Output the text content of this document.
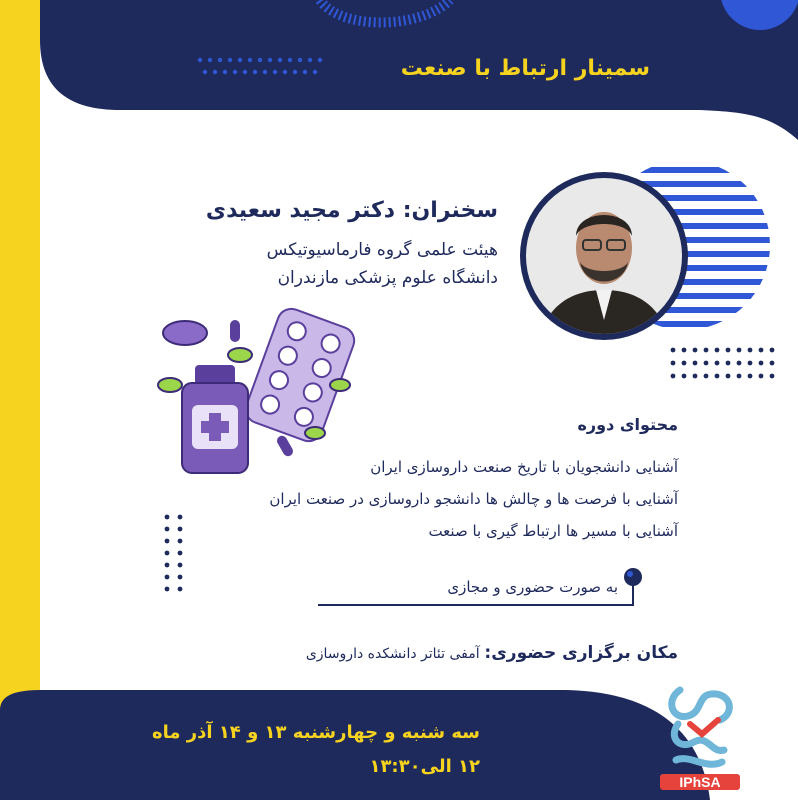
سمینار ارتباط با صنعت
سخنران: دکتر مجید سعیدی
هیئت علمی گروه فارماسیوتیکس
دانشگاه علوم پزشکی مازندران
محتوای دوره
آشنایی دانشجویان با تاریخ صنعت داروسازی ایران
آشنایی با فرصت ها و چالش ها دانشجو داروسازی در صنعت ایران
آشنایی با مسیر ها ارتباط گیری با صنعت
به صورت حضوری و مجازی
مکان برگزاری حضوری: آمفی تئاتر دانشکده داروسازی
سه شنبه و چهارشنبه ۱۳ و ۱۴ آذر ماه
۱۲ الی۱۳:۳۰
IPhSA
